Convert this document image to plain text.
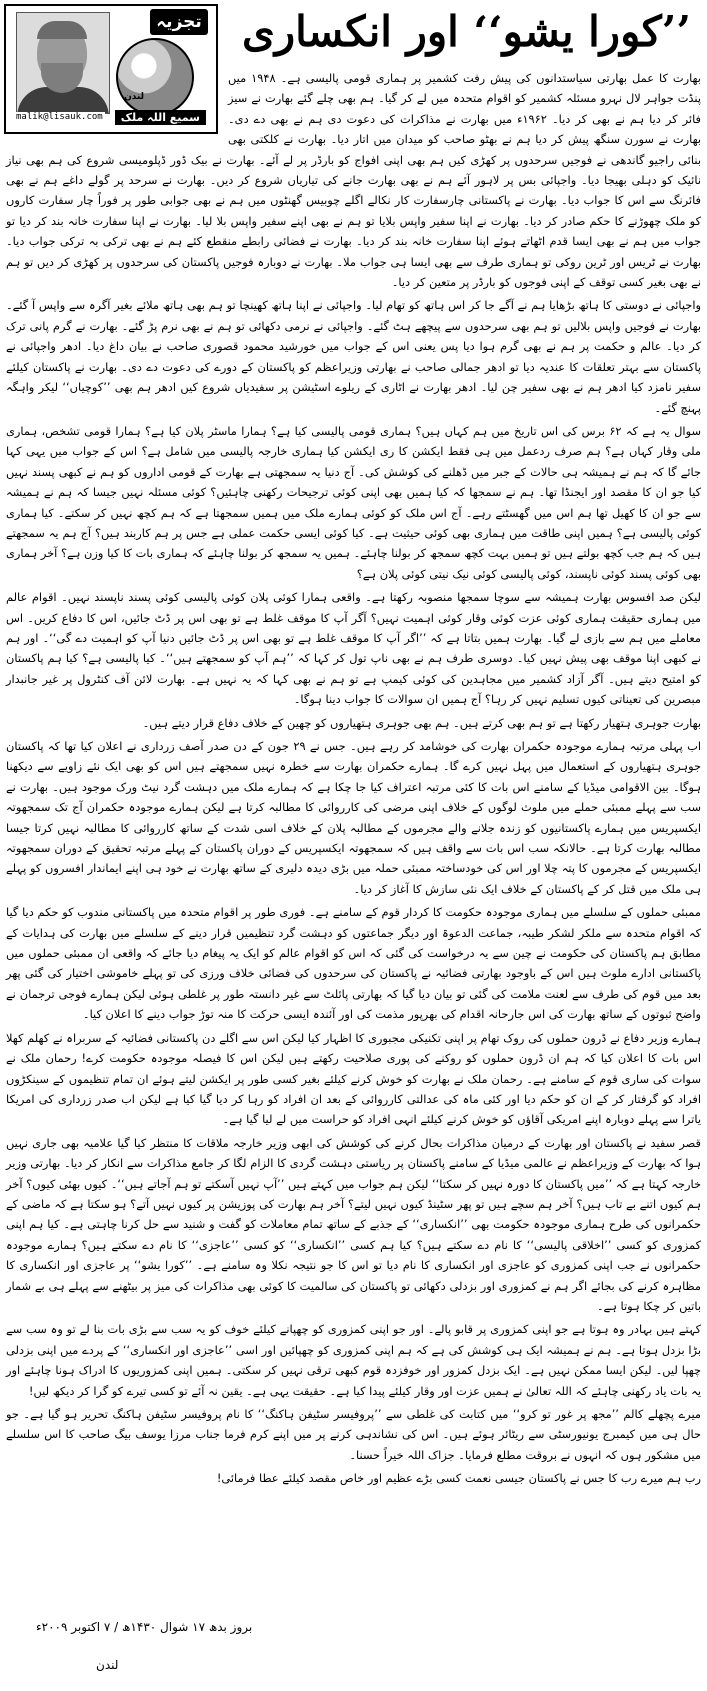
تجزیہ
لندن
malik@lisauk.com	سمیع اللہ ملک
’’کورا یشو‘‘ اور انکساری

بھارت کا عمل بھارتی سیاستدانوں کی پیش رفت کشمیر پر ہماری قومی پالیسی ہے۔ ۱۹۴۸ میں پنڈت جواہر لال نہرو مسئلہ کشمیر کو اقوام متحدہ میں لے کر گیا۔ ہم بھی چلے گئے بھارت نے سیز فائر کر دیا ہم نے بھی کر دیا۔ ۱۹۶۲ء میں بھارت نے مذاکرات کی دعوت دی ہم نے بھی دے دی۔ بھارت نے سورن سنگھ پیش کر دیا ہم نے بھٹو صاحب کو میدان میں اتار دیا۔ بھارت نے کلکتی بھی بنائی راجیو گاندھی نے فوجیں سرحدوں پر کھڑی کیں ہم بھی اپنی افواج کو بارڈر پر لے آئے۔ بھارت نے بیک ڈور ڈپلومیسی شروع کی ہم بھی نیاز نائیک کو دہلی بھیجا دیا۔ واجپائی بس پر لاہور آئے ہم نے بھی بھارت جانے کی تیاریاں شروع کر دیں۔ بھارت نے سرحد پر گولے داغے ہم نے بھی فائرنگ سے اس کا جواب دیا۔ بھارت نے پاکستانی چارسفارت کار نکالے اگلے چوبیس گھنٹوں میں ہم نے بھی جوابی طور پر فوراً چار سفارت کاروں کو ملک چھوڑنے کا حکم صادر کر دیا۔ بھارت نے اپنا سفیر واپس بلایا تو ہم نے بھی اپنے سفیر واپس بلا لیا۔ بھارت نے اپنا سفارت خانہ بند کر دیا تو جواب میں ہم نے بھی ایسا قدم اٹھاتے ہوئے اپنا سفارت خانہ بند کر دیا۔ بھارت نے فضائی رابطے منقطع کئے ہم نے بھی ترکی بہ ترکی جواب دیا۔ بھارت نے ٹریس اور ٹرین روکی تو ہماری طرف سے بھی ایسا ہی جواب ملا۔ بھارت نے دوبارہ فوجیں پاکستان کی سرحدوں پر کھڑی کر دیں تو ہم نے بھی بغیر کسی توقف کے اپنی فوجوں کو بارڈر پر متعین کر دیا۔

واجپائی نے دوستی کا ہاتھ بڑھایا ہم نے آگے جا کر اس ہاتھ کو تھام لیا۔ واجپائی نے اپنا ہاتھ کھینچا تو ہم بھی ہاتھ ملائے بغیر آگرہ سے واپس آ گئے۔ بھارت نے فوجیں واپس بلالیں تو ہم بھی سرحدوں سے پیچھے ہٹ گئے۔ واجپائی نے نرمی دکھائی تو ہم نے بھی نرم پڑ گئے۔ بھارت نے گرم پانی ترک کر دیا۔ عالم و حکمت پر ہم نے بھی گرم ہوا دیا پس یعنی اس کے جواب میں خورشید محمود قصوری صاحب نے بیان داغ دیا۔ ادھر واجپائی نے پاکستان سے بہتر تعلقات کا عندیہ دیا تو ادھر جمالی صاحب نے بھارتی وزیراعظم کو پاکستان کے دورے کی دعوت دے دی۔ بھارت نے پاکستان کیلئے سفیر نامزد کیا ادھر ہم نے بھی سفیر چن لیا۔ ادھر بھارت نے اٹاری کے ریلوے اسٹیشن پر سفیدیاں شروع کیں ادھر ہم بھی ’’کوچیاں‘‘ لیکر واہگہ پہنچ گئے۔

سوال یہ ہے کہ ۶۲ برس کی اس تاریخ میں ہم کہاں ہیں؟ ہماری قومی پالیسی کیا ہے؟ ہمارا ماسٹر پلان کیا ہے؟ ہمارا قومی تشخص، ہماری ملی وقار کہاں ہے؟ ہم صرف ردعمل میں ہی فقط ایکشن کا ری ایکشن کیا ہماری خارجہ پالیسی میں شامل ہے؟ اس کے جواب میں یہی کہا جائے گا کہ ہم نے ہمیشہ ہی حالات کے جبر میں ڈھلنے کی کوشش کی۔ آج دنیا یہ سمجھتی ہے بھارت کے قومی اداروں کو ہم نے کبھی پسند نہیں کیا جو ان کا مقصد اور ایجنڈا تھا۔ ہم نے سمجھا کہ کیا ہمیں بھی اپنی کوئی ترجیحات رکھنی چاہئیں؟ کوئی مسئلہ نہیں جیسا کہ ہم نے ہمیشہ سے جو ان کا کھیل تھا ہم اس میں گھسٹتے رہے۔ آج اس ملک کو کوئی ہمارے ملک میں ہمیں سمجھتا ہے کہ ہم کچھ نہیں کر سکتے۔ کیا ہماری کوئی پالیسی ہے؟ ہمیں اپنی طاقت میں ہماری بھی کوئی حیثیت ہے۔ کیا کوئی ایسی حکمت عملی ہے جس پر ہم کاربند ہیں؟ آج ہم یہ سمجھتے ہیں کہ ہم جب کچھ بولتے ہیں تو ہمیں بہت کچھ سمجھ کر بولنا چاہئے۔ ہمیں یہ سمجھ کر بولنا چاہئے کہ ہماری بات کا کیا وزن ہے؟ آخر ہماری بھی کوئی پسند کوئی ناپسند، کوئی پالیسی کوئی نیک نیتی کوئی پلان ہے؟

لیکن صد افسوس بھارت ہمیشہ سے سوچا سمجھا منصوبہ رکھتا ہے۔ واقعی ہمارا کوئی پلان کوئی پالیسی کوئی پسند ناپسند نہیں۔ اقوام عالم میں ہماری حقیقت ہماری کوئی عزت کوئی وقار کوئی اہمیت نہیں؟ آگر آپ کا موقف غلط ہے تو بھی اس پر ڈٹ جائیں، اس کا دفاع کریں۔ اس معاملے میں ہم سے بازی لے گیا۔ بھارت ہمیں بتاتا ہے کہ ’’اگر آپ کا موقف غلط ہے تو بھی اس پر ڈٹ جائیں دنیا آپ کو اہمیت دے گی‘‘۔ اور ہم نے کبھی اپنا موقف بھی پیش نہیں کیا۔ دوسری طرف ہم نے بھی ناپ تول کر کہا کہ ’’ہم آپ کو سمجھتے ہیں‘‘۔ کیا پالیسی ہے؟ کیا ہم پاکستان کو امتیح دیتے ہیں۔ آگر آزاد کشمیر میں مجاہدین کی کوئی کیمپ ہے تو ہم نے بھی کہا کہ یہ نہیں ہے۔ بھارت لائن آف کنٹرول پر غیر جانبدار مبصرین کی تعیناتی کیوں تسلیم نہیں کر رہا؟ آج ہمیں ان سوالات کا جواب دینا ہوگا۔

بھارت جوہری ہتھیار رکھتا ہے تو ہم بھی کرتے ہیں۔ ہم بھی جوہری ہتھیاروں کو چھین کے خلاف دفاع قرار دیتے ہیں۔

اب پہلی مرتبہ ہمارے موجودہ حکمران بھارت کی خوشامد کر رہے ہیں۔ جس نے ۲۹ جون کے دن صدر آصف زرداری نے اعلان کیا تھا کہ پاکستان جوہری ہتھیاروں کے استعمال میں پہل نہیں کرے گا۔ ہمارے حکمران بھارت سے خطرہ نہیں سمجھتے ہیں اس کو بھی ایک نئے زاویے سے دیکھنا ہوگا۔ بین الاقوامی میڈیا کے سامنے اس بات کا کئی مرتبہ اعتراف کیا جا چکا ہے کہ ہمارے ملک میں دہشت گرد نیٹ ورک موجود ہیں۔ بھارت نے سب سے پہلے ممبئی حملے میں ملوث لوگوں کے خلاف اپنی مرضی کی کارروائی کا مطالبہ کرتا ہے لیکن ہمارے موجودہ حکمران آج تک سمجھوتہ ایکسپریس میں ہمارے پاکستانیوں کو زندہ جلانے والے مجرموں کے مطالبہ پلان کے خلاف اسی شدت کے ساتھ کارروائی کا مطالبہ نہیں کرتا جیسا مطالبہ بھارت کرتا ہے۔ حالانکہ سب اس بات سے واقف ہیں کہ سمجھوتہ ایکسپریس کے دوران پاکستان کے پہلے مرتبہ تحقیق کے دوران سمجھوتہ ایکسپریس کے مجرموں کا پتہ چلا اور اس کی خودساختہ ممبئی حملہ میں بڑی دیدہ دلیری کے ساتھ بھارت نے خود ہی اپنے ایماندار افسروں کو پہلے ہی ملک میں قتل کر کے پاکستان کے خلاف ایک نئی سازش کا آغاز کر دیا۔

ممبئی حملوں کے سلسلے میں ہماری موجودہ حکومت کا کردار قوم کے سامنے ہے۔ فوری طور پر اقوام متحدہ میں پاکستانی مندوب کو حکم دیا گیا کہ اقوام متحدہ سے ملکر لشکر طیبہ، جماعت الدعوۃ اور دیگر جماعتوں کو دہشت گرد تنظیمیں قرار دینے کے سلسلے میں بھارت کی ہدایات کے مطابق ہم پاکستان کی حکومت نے چین سے یہ درخواست کی گئی کہ اس کو اقوام عالم کو ایک یہ پیغام دیا جائے کہ واقعی ان ممبئی حملوں میں پاکستانی ادارے ملوث ہیں اس کے باوجود بھارتی فضائیہ نے پاکستان کی سرحدوں کی فضائی خلاف ورزی کی تو پہلے خاموشی اختیار کی گئی پھر بعد میں قوم کی طرف سے لعنت ملامت کی گئی تو بیان دیا گیا کہ بھارتی پائلٹ سے غیر دانستہ طور پر غلطی ہوئی لیکن ہمارے فوجی ترجمان نے واضح ثبوتوں کے ساتھ بھارت کی اس جارحانہ اقدام کی بھرپور مذمت کی اور آئندہ ایسی حرکت کا منہ توڑ جواب دینے کا اعلان کیا۔

ہمارے وزیر دفاع نے ڈرون حملوں کی روک تھام پر اپنی تکنیکی مجبوری کا اظہار کیا لیکن اس سے اگلے دن پاکستانی فضائیہ کے سربراہ نے کھلم کھلا اس بات کا اعلان کیا کہ ہم ان ڈرون حملوں کو روکنے کی پوری صلاحیت رکھتے ہیں لیکن اس کا فیصلہ موجودہ حکومت کرے! رحمان ملک نے سوات کی ساری قوم کے سامنے ہے۔ رحمان ملک نے بھارت کو خوش کرنے کیلئے بغیر کسی طور پر ایکشن لیتے ہوئے ان تمام تنظیموں کے سینکڑوں افراد کو گرفتار کر کے ان کو حکم دیا اور کئی ماہ کی عدالتی کارروائی کے بعد ان افراد کو رہا کر دیا گیا کیا ہے لیکن اب صدر زرداری کی امریکا یاترا سے پہلے دوبارہ اپنے امریکی آقاؤں کو خوش کرنے کیلئے انہی افراد کو حراست میں لے لیا گیا ہے۔

قصر سفید نے پاکستان اور بھارت کے درمیان مذاکرات بحال کرنے کی کوشش کی ابھی وزیر خارجہ ملاقات کا منتظر کیا گیا علامیہ بھی جاری نہیں ہوا کہ بھارت کے وزیراعظم نے عالمی میڈیا کے سامنے پاکستان پر ریاستی دہشت گردی کا الزام لگا کر جامع مذاکرات سے انکار کر دیا۔ بھارتی وزیر خارجہ کہتا ہے کہ ’’میں پاکستان کا دورہ نہیں کر سکتا‘‘ لیکن ہم جواب میں کہتے ہیں ’’آپ نہیں آسکتے تو ہم آجاتے ہیں‘‘۔ کیوں بھئی کیوں؟ آخر ہم کیوں اتنے بے تاب ہیں؟ آخر ہم سچے ہیں تو پھر سٹینڈ کیوں نہیں لیتے؟ آخر ہم بھارت کی پوزیشن پر کیوں نہیں آتے؟ ہو سکتا ہے کہ ماضی کے حکمرانوں کی طرح ہماری موجودہ حکومت بھی ’’انکساری‘‘ کے جذبے کے ساتھ تمام معاملات کو گفت و شنید سے حل کرنا چاہتی ہے۔ کیا ہم اپنی کمزوری کو کسی ’’اخلاقی پالیسی‘‘ کا نام دے سکتے ہیں؟ کیا ہم کسی ’’انکساری‘‘ کو کسی ’’عاجزی‘‘ کا نام دے سکتے ہیں؟ ہمارے موجودہ حکمرانوں نے جب اپنی کمزوری کو عاجزی اور انکساری کا نام دیا تو اس کا جو نتیجہ نکلا وہ سامنے ہے۔ ’’کورا یشو‘‘ پر عاجزی اور انکساری کا مظاہرہ کرنے کی بجائے اگر ہم نے کمزوری اور بزدلی دکھائی تو پاکستان کی سالمیت کا کوئی بھی مذاکرات کی میز پر بیٹھنے سے پہلے ہی بے شمار باتیں کر چکا ہوتا ہے۔

کہتے ہیں بہادر وہ ہوتا ہے جو اپنی کمزوری پر قابو پالے۔ اور جو اپنی کمزوری کو چھپانے کیلئے خوف کو یہ سب سے بڑی بات بنا لے تو وہ سب سے بڑا بزدل ہوتا ہے۔ ہم نے ہمیشہ ایک ہی کوشش کی ہے کہ ہم اپنی کمزوری کو چھپائیں اور اسی ’’عاجزی اور انکساری‘‘ کے پردے میں اپنی بزدلی چھپا لیں۔ لیکن ایسا ممکن نہیں ہے۔ ایک بزدل کمزور اور خوفزدہ قوم کبھی ترقی نہیں کر سکتی۔ ہمیں اپنی کمزوریوں کا ادراک ہونا چاہئے اور یہ بات یاد رکھنی چاہئے کہ اللہ تعالیٰ نے ہمیں عزت اور وقار کیلئے پیدا کیا ہے۔ حقیقت یہی ہے۔ یقین نہ آئے تو کسی تیرے کو گرا کر دیکھ لیں!

میرے پچھلے کالم ’’مجھ پر غور تو کرو‘‘ میں کتابت کی غلطی سے ’’پروفیسر سٹیفن ہاکنگ‘‘ کا نام پروفیسر سٹیفن ہاکنگ تحریر ہو گیا ہے۔ جو حال ہی میں کیمبرج یونیورسٹی سے ریٹائر ہوئے ہیں۔ اس کی نشاندہی کرنے پر میں اپنے کرم فرما جناب مرزا یوسف بیگ صاحب کا اس سلسلے میں مشکور ہوں کہ انہوں نے بروقت مطلع فرمایا۔ جزاک اللہ خیراً حسنا۔

رب ہم میرے رب کا جس نے پاکستان جیسی نعمت کسی بڑے عظیم اور خاص مقصد کیلئے عطا فرمائی!

بروز بدھ ۱۷ شوال ۱۴۳۰ھ / ۷ اکتوبر ۲۰۰۹ء
لندن
